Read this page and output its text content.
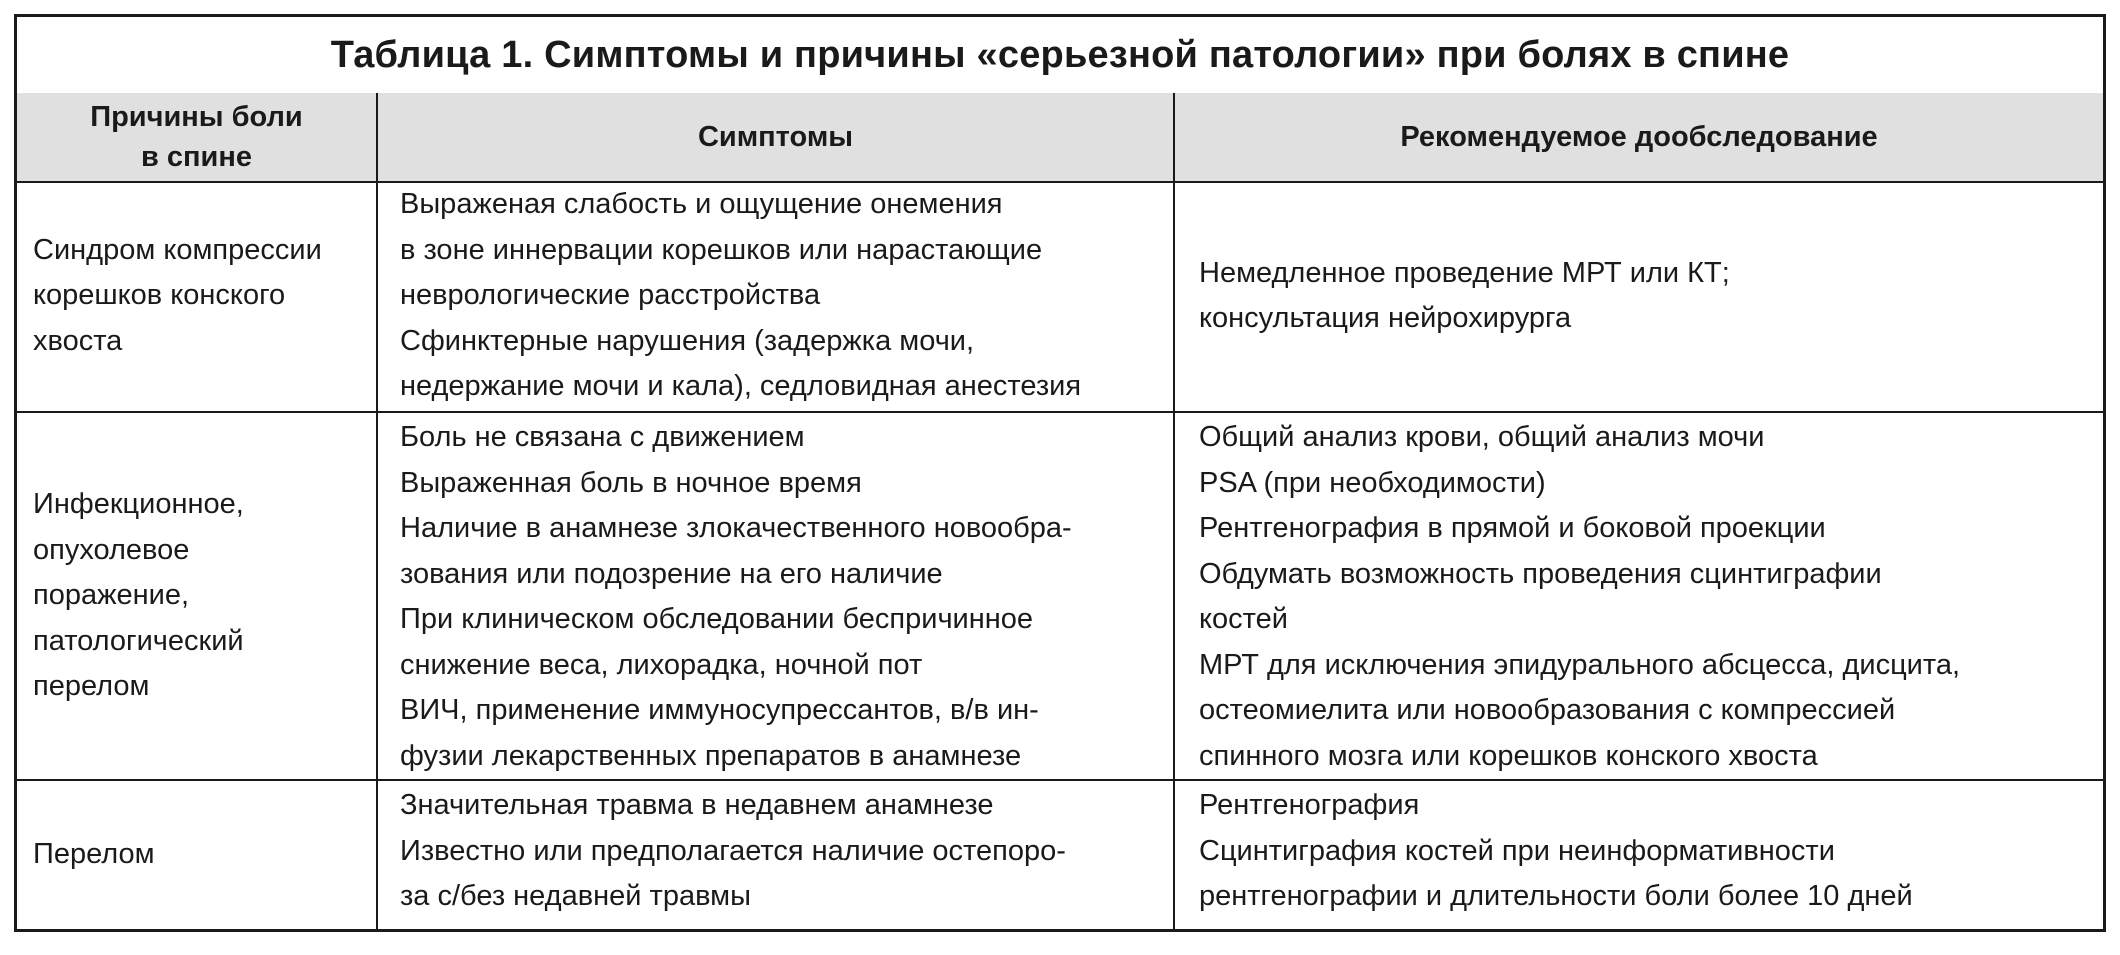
Таблица 1. Симптомы и причины «серьезной патологии» при болях в спине
Причины боли
в спине
Симптомы	Рекомендуемое дообследование
Синдром компрессии
корешков конского
хвоста
Выраженая слабость и ощущение онемения
в зоне иннервации корешков или нарастающие
неврологические расстройства
Сфинктерные нарушения (задержка мочи,
недержание мочи и кала), седловидная анестезия
Немедленное проведение МРТ или КТ;
консультация нейрохирурга
Инфекционное,
опухолевое
поражение,
патологический
перелом
Боль не связана с движением
Выраженная боль в ночное время
Наличие в анамнезе злокачественного новообра-
зования или подозрение на его наличие
При клиническом обследовании беспричинное
снижение веса, лихорадка, ночной пот
ВИЧ, применение иммуносупрессантов, в/в ин-
фузии лекарственных препаратов в анамнезе
Общий анализ крови, общий анализ мочи
PSA (при необходимости)
Рентгенография в прямой и боковой проекции
Обдумать возможность проведения сцинтиграфии
костей
МРТ для исключения эпидурального абсцесса, дисцита,
остеомиелита или новообразования с компрессией
спинного мозга или корешков конского хвоста
Перелом
Значительная травма в недавнем анамнезе
Известно или предполагается наличие остепоро-
за с/без недавней травмы
Рентгенография
Сцинтиграфия костей при неинформативности
рентгенографии и длительности боли более 10 дней
